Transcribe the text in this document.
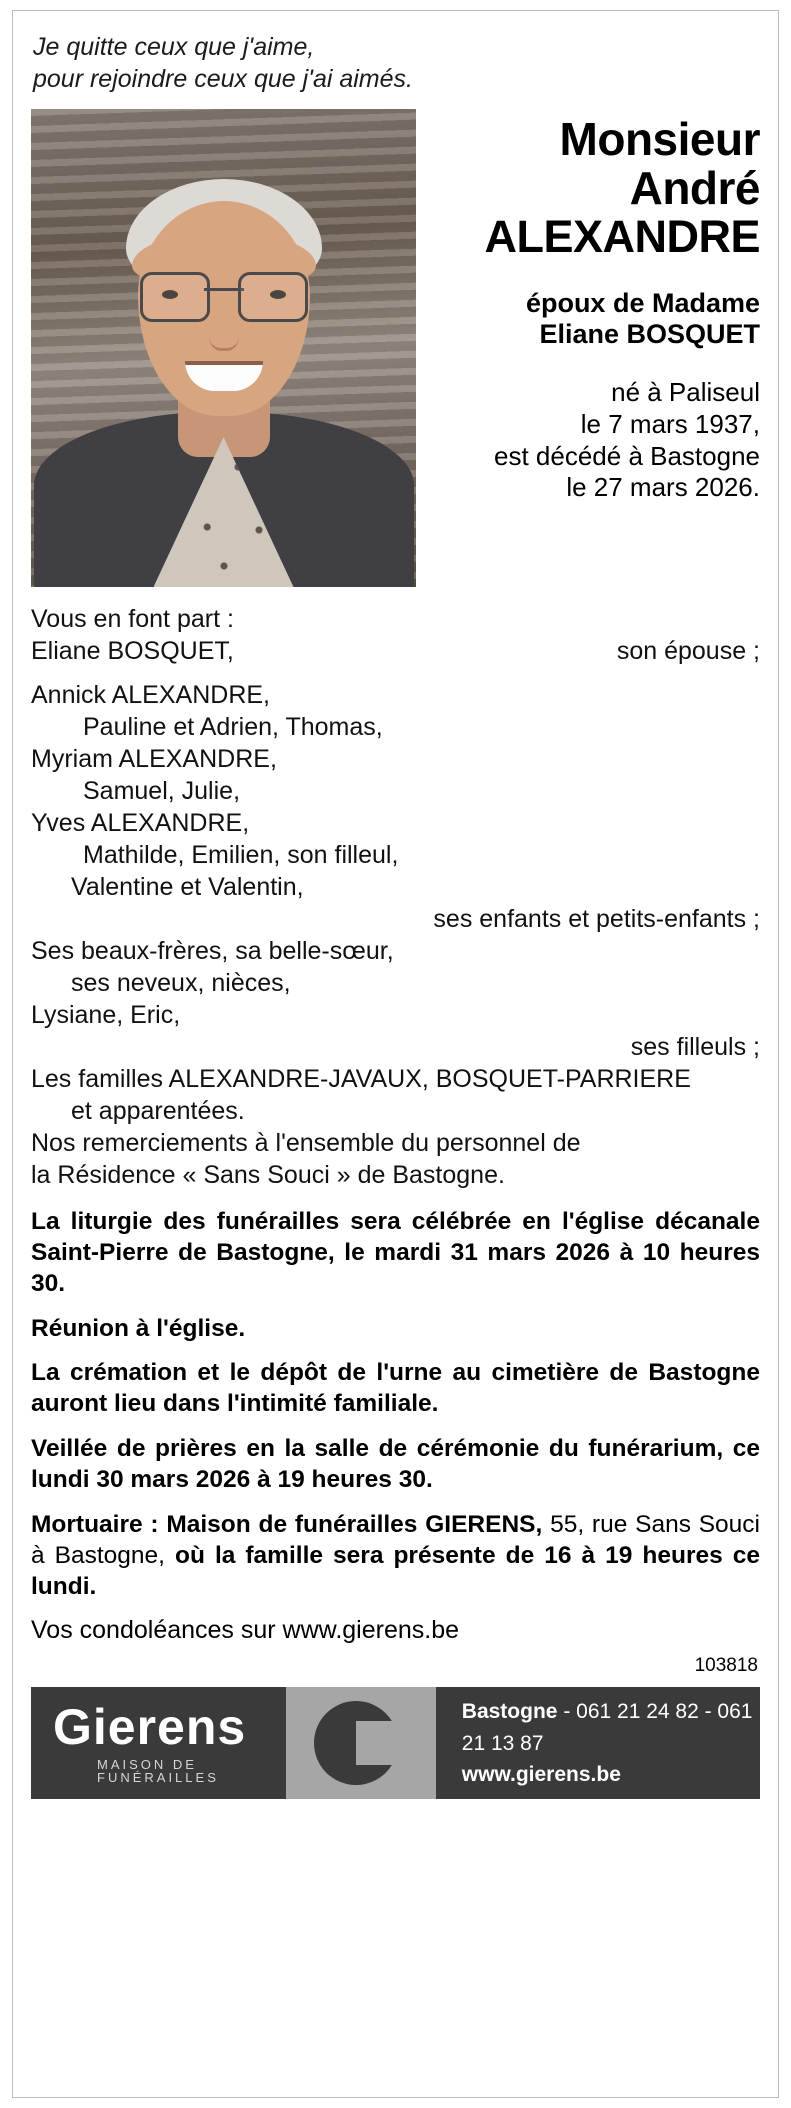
Je quitte ceux que j'aime,
pour rejoindre ceux que j'ai aimés.
Monsieur
André
ALEXANDRE
époux de Madame
Eliane BOSQUET
né à Paliseul
le 7 mars 1937,
est décédé à Bastogne
le 27 mars 2026.
Vous en font part :
Eliane BOSQUET,	son épouse ;
Annick ALEXANDRE,
Pauline et Adrien, Thomas,
Myriam ALEXANDRE,
Samuel, Julie,
Yves ALEXANDRE,
Mathilde, Emilien, son filleul,
Valentine et Valentin,
ses enfants et petits-enfants ;
Ses beaux-frères, sa belle-sœur,
ses neveux, nièces,
Lysiane, Eric,
ses filleuls ;
Les familles ALEXANDRE-JAVAUX, BOSQUET-PARRIERE
et apparentées.
Nos remerciements à l'ensemble du personnel de
la Résidence « Sans Souci » de Bastogne.

La liturgie des funérailles sera célébrée en l'église décanale Saint-Pierre de Bastogne, le mardi 31 mars 2026 à 10 heures 30.

Réunion à l'église.

La crémation et le dépôt de l'urne au cimetière de Bastogne auront lieu dans l'intimité familiale.

Veillée de prières en la salle de cérémonie du funérarium, ce lundi 30 mars 2026 à 19 heures 30.

Mortuaire : Maison de funérailles GIERENS, 55, rue Sans Souci à Bastogne, où la famille sera présente de 16 à 19 heures ce lundi.

Vos condoléances sur www.gierens.be
103818
Gierens
MAISON DE FUNÉRAILLES
Bastogne - 061 21 24 82 - 061 21 13 87
www.gierens.be
